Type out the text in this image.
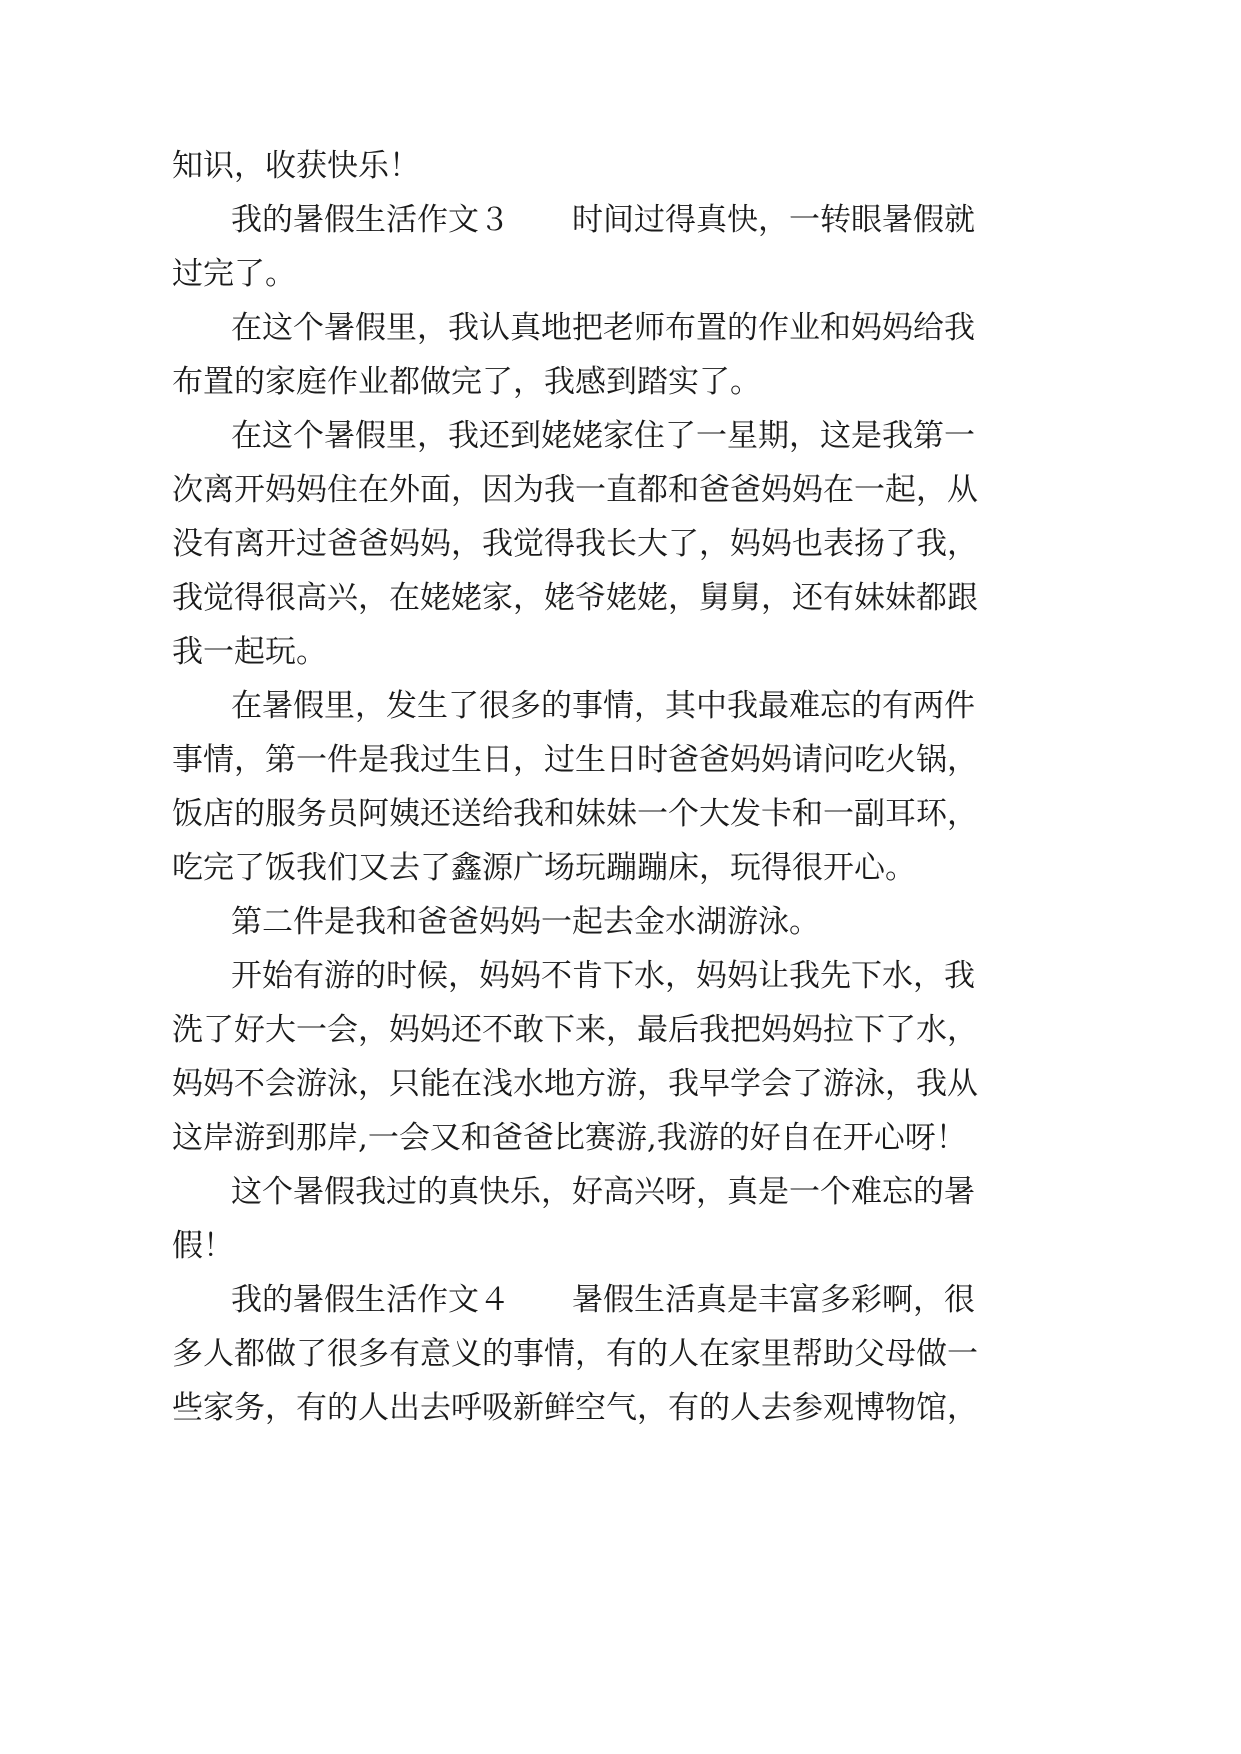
知识，收获快乐！
我的暑假生活作文３　　时间过得真快，一转眼暑假就
过完了。
在这个暑假里，我认真地把老师布置的作业和妈妈给我
布置的家庭作业都做完了，我感到踏实了。
在这个暑假里，我还到姥姥家住了一星期，这是我第一
次离开妈妈住在外面，因为我一直都和爸爸妈妈在一起，从
没有离开过爸爸妈妈，我觉得我长大了，妈妈也表扬了我，
我觉得很高兴，在姥姥家，姥爷姥姥，舅舅，还有妹妹都跟
我一起玩。
在暑假里，发生了很多的事情，其中我最难忘的有两件
事情，第一件是我过生日，过生日时爸爸妈妈请问吃火锅，
饭店的服务员阿姨还送给我和妹妹一个大发卡和一副耳环，
吃完了饭我们又去了鑫源广场玩蹦蹦床，玩得很开心。
第二件是我和爸爸妈妈一起去金水湖游泳。
开始有游的时候，妈妈不肯下水，妈妈让我先下水，我
洗了好大一会，妈妈还不敢下来，最后我把妈妈拉下了水，
妈妈不会游泳，只能在浅水地方游，我早学会了游泳，我从
这岸游到那岸,一会又和爸爸比赛游,我游的好自在开心呀！
这个暑假我过的真快乐，好高兴呀，真是一个难忘的暑
假！
我的暑假生活作文４　　暑假生活真是丰富多彩啊，很
多人都做了很多有意义的事情，有的人在家里帮助父母做一
些家务，有的人出去呼吸新鲜空气，有的人去参观博物馆，
